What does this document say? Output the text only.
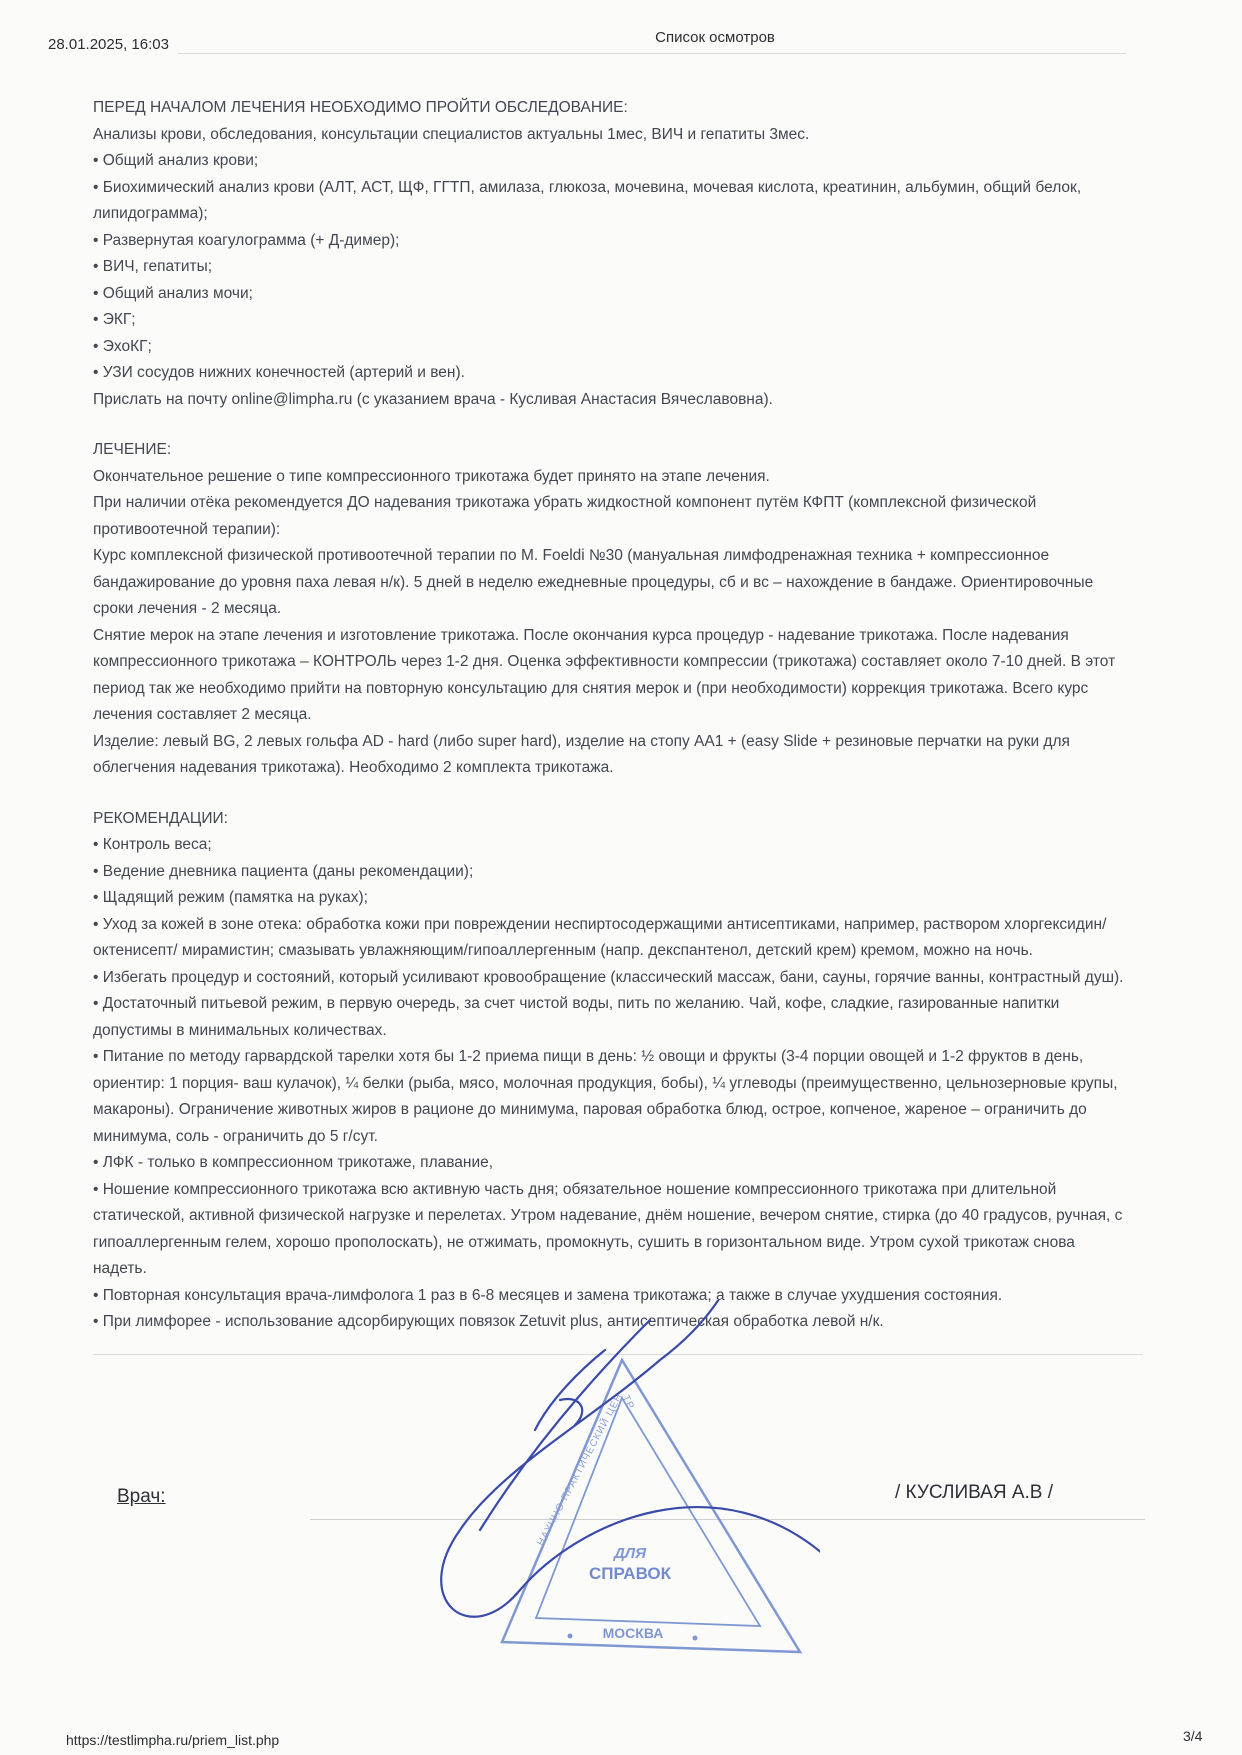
28.01.2025, 16:03	Список осмотров

ПЕРЕД НАЧАЛОМ ЛЕЧЕНИЯ НЕОБХОДИМО ПРОЙТИ ОБСЛЕДОВАНИЕ:

Анализы крови, обследования, консультации специалистов актуальны 1мес, ВИЧ и гепатиты 3мес.

• Общий анализ крови;
• Биохимический анализ крови (АЛТ, АСТ, ЩФ, ГГТП, амилаза, глюкоза, мочевина, мочевая кислота, креатинин, альбумин, общий белок, липидограмма);
• Развернутая коагулограмма (+ Д-димер);
• ВИЧ, гепатиты;
• Общий анализ мочи;
• ЭКГ;
• ЭхоКГ;
• УЗИ сосудов нижних конечностей (артерий и вен).

Прислать на почту online@limpha.ru (с указанием врача - Кусливая Анастасия Вячеславовна).

ЛЕЧЕНИЕ:

Окончательное решение о типе компрессионного трикотажа будет принято на этапе лечения.

При наличии отёка рекомендуется ДО надевания трикотажа убрать жидкостной компонент путём КФПТ (комплексной физической противоотечной терапии):

Курс комплексной физической противоотечной терапии по M. Foeldi №30 (мануальная лимфодренажная техника + компрессионное бандажирование до уровня паха левая н/к). 5 дней в неделю ежедневные процедуры, сб и вс – нахождение в бандаже. Ориентировочные сроки лечения - 2 месяца.

Снятие мерок на этапе лечения и изготовление трикотажа. После окончания курса процедур - надевание трикотажа. После надевания компрессионного трикотажа – КОНТРОЛЬ через 1-2 дня. Оценка эффективности компрессии (трикотажа) составляет около 7-10 дней. В этот период так же необходимо прийти на повторную консультацию для снятия мерок и (при необходимости) коррекция трикотажа. Всего курс лечения составляет 2 месяца.

Изделие: левый BG, 2 левых гольфа AD - hard (либо super hard), изделие на стопу AA1 + (easy Slide + резиновые перчатки на руки для облегчения надевания трикотажа). Необходимо 2 комплекта трикотажа.

РЕКОМЕНДАЦИИ:

• Контроль веса;
• Ведение дневника пациента (даны рекомендации);
• Щадящий режим (памятка на руках);
• Уход за кожей в зоне отека: обработка кожи при повреждении неспиртосодержащими антисептиками, например, раствором хлоргексидин/ октенисепт/ мирамистин; смазывать увлажняющим/гипоаллергенным (напр. декспантенол, детский крем) кремом, можно на ночь.
• Избегать процедур и состояний, который усиливают кровообращение (классический массаж, бани, сауны, горячие ванны, контрастный душ).
• Достаточный питьевой режим, в первую очередь, за счет чистой воды, пить по желанию. Чай, кофе, сладкие, газированные напитки допустимы в минимальных количествах.
• Питание по методу гарвардской тарелки хотя бы 1-2 приема пищи в день: ½ овощи и фрукты (3-4 порции овощей и 1-2 фруктов в день, ориентир: 1 порция- ваш кулачок), ¼ белки (рыба, мясо, молочная продукция, бобы), ¼ углеводы (преимущественно, цельнозерновые крупы, макароны). Ограничение животных жиров в рационе до минимума, паровая обработка блюд, острое, копченое, жареное – ограничить до минимума, соль - ограничить до 5 г/сут.
• ЛФК - только в компрессионном трикотаже, плавание,
• Ношение компрессионного трикотажа всю активную часть дня; обязательное ношение компрессионного трикотажа при длительной статической, активной физической нагрузке и перелетах. Утром надевание, днём ношение, вечером снятие, стирка (до 40 градусов, ручная, с гипоаллергенным гелем, хорошо прополоскать), не отжимать, промокнуть, сушить в горизонтальном виде. Утром сухой трикотаж снова надеть.
• Повторная консультация врача-лимфолога 1 раз в 6-8 месяцев и замена трикотажа; а также в случае ухудшения состояния.
• При лимфорее - использование адсорбирующих повязок Zetuvit plus, антисептическая обработка левой н/к.
Врач:	/ КУСЛИВАЯ А.В /
НАУЧНО ПРАКТИЧЕСКИЙ ЦЕНТР
ДЛЯ
СПРАВОК
МОСКВА
https://testlimpha.ru/priem_list.php	3/4
